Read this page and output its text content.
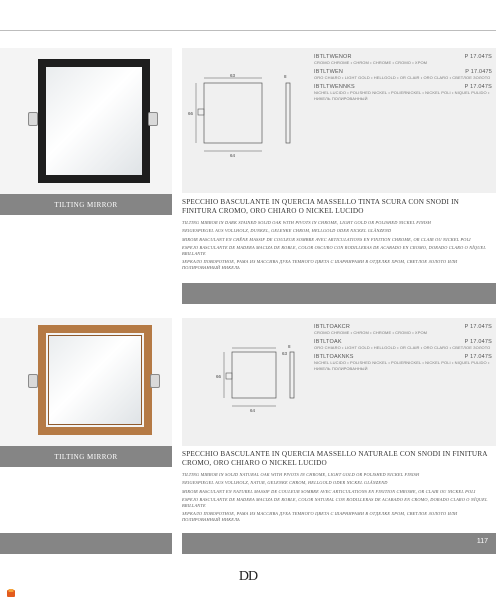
TILTING MIRROR
63
66
64
8
IBTLTWENOR	P 17.047S
CROMO CHROME • CHROM • CHROME • CROMO • XPOM
IBTLTWEN	P 17.0475
ORO CHIARO • LIGHT GOLD • HELLGOLD • OR CLAIR • ORO CLARO • СВЕТЛОЕ ЗОЛОТО
IBTLTWENNKS	P 17.047S
NICHEL LUCIDO • POLISHED NICKEL • POLIERNICKEL • NICKEL POLI • NIQUEL PULIDO • НИКЕЛЬ ПОЛИРОВАННЫЙ
SPECCHIO BASCULANTE IN QUERCIA MASSELLO TINTA SCURA CON SNODI IN FINITURA CROMO, ORO CHIARO O NICKEL LUCIDO
TILTING MIRROR IN DARK STAINED SOLID OAK WITH PIVOTS IN CHROME, LIGHT GOLD OR POLISHED NICKEL FINISH
NEIGESPIEGEL AUS VOLLHOLZ, DUNKEL, GELENKE CHROM, HELLGOLD ODER NICKEL GLÄNZEND
MIROIR BASCULANT EN CHÊNE MASSIF DE COULEUR SOMBRE AVEC ARTICULATIONS EN FINITION CHROME, OR CLAIR OU NICKEL POLI
ESPEJO BASCULANTE DE MADERA MACIZA DE ROBLE, COLOR OSCURO CON RODILLERAS DE ACABADO EN CROMO, DORADO CLARO O NÍQUEL BRILLANTE
ЗЕРКАЛО ПОВОРОТНОЕ, РАМА ИЗ МАССИВА ДУБА ТЕМНОГО ЦВЕТА С ШАРНИРАМИ В ОТДЕЛКЕ ХРОМ, СВЕТЛОЕ ЗОЛОТО ИЛИ ПОЛИРОВАННЫЙ НИКЕЛЬ
TILTING MIRROR
63
66
64
8
IBTLTOAKCR	P 17.047S
CROMO CHROME • CHROM • CHROME • CROMO • XPOM
IBTLTOAK	P 17.047S
ORO CHIARO • LIGHT GOLD • HELLGOLD • OR CLAIR • ORO CLARO • СВЕТЛОЕ ЗОЛОТО
IBTLTOAKNKS	P 17.047S
NICHEL LUCIDO • POLISHED NICKEL • POLIERNICKEL • NICKEL POLI • NIQUEL PULIDO • НИКЕЛЬ ПОЛИРОВАННЫЙ
SPECCHIO BASCULANTE IN QUERCIA MASSELLO NATURALE CON SNODI IN FINITURA CROMO, ORO CHIARO O NICKEL LUCIDO
TILTING MIRROR IN SOLID NATURAL OAK WITH PIVOTS IN CHROME, LIGHT GOLD OR POLISHED NICKEL FINISH
NEIGESPIEGEL AUS VOLLHOLZ, NATUR, GELENKE CHROM, HELLGOLD ODER NICKEL GLÄNZEND
MIROIR BASCULANT EN NATUREL MASSIF DE COULEUR SOMBRE AVEC ARTICULATIONS EN FINITION CHROME, OR CLAIR OU NICKEL POLI
ESPEJO BASCULANTE DE MADERA MACIZA DE ROBLE, COLOR NATURAL CON RODILLERAS DE ACABADO EN CROMO, DORADO CLARO O NÍQUEL BRILLANTE
ЗЕРКАЛО ПОВОРОТНОЕ, РАМА ИЗ МАССИВА ДУБА ТЕМНОГО ЦВЕТА С ШАРНИРАМИ В ОТДЕЛКЕ ХРОМ, СВЕТЛОЕ ЗОЛОТО ИЛИ ПОЛИРОВАННЫЙ НИКЕЛЬ
117
DD
